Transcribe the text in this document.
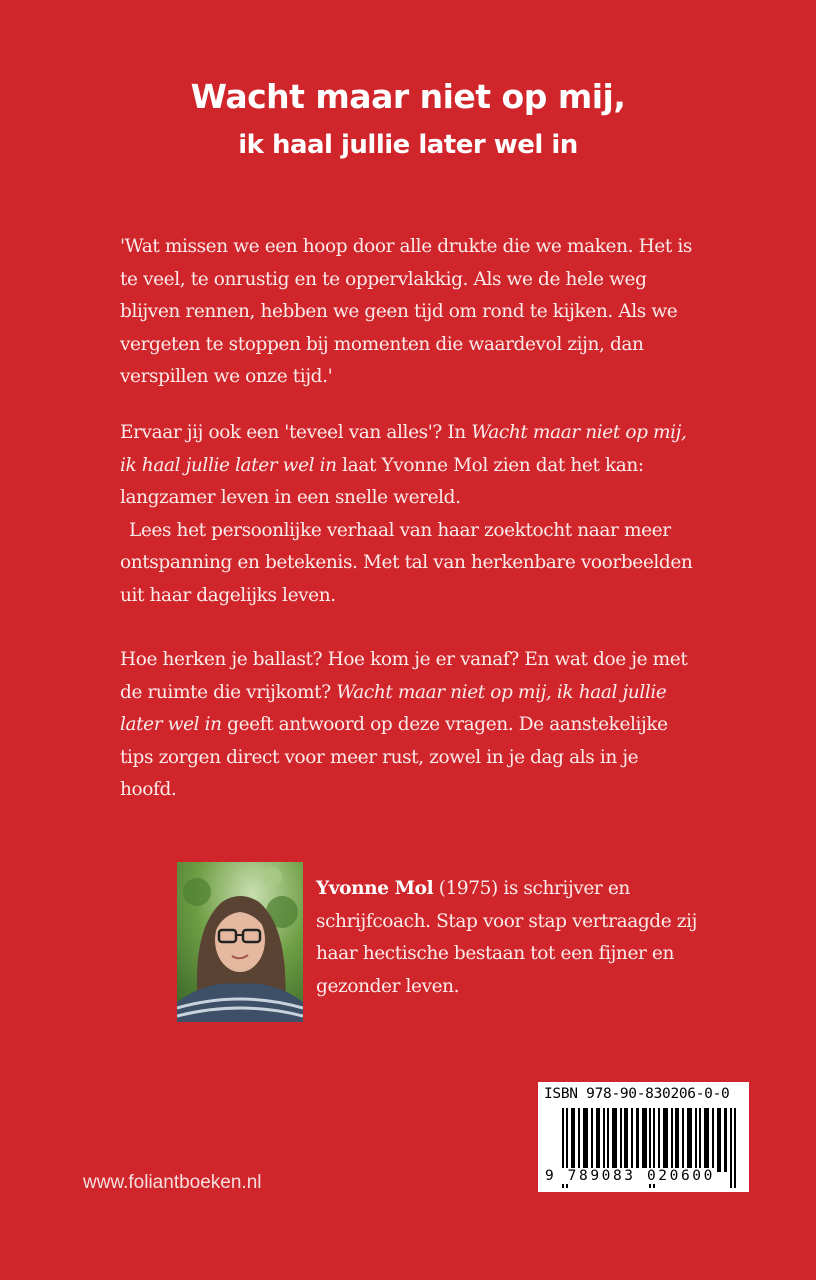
Wacht maar niet op mij,
ik haal jullie later wel in
'Wat missen we een hoop door alle drukte die we maken. Het is te veel, te onrustig en te oppervlakkig. Als we de hele weg blijven rennen, hebben we geen tijd om rond te kijken. Als we vergeten te stoppen bij momenten die waardevol zijn, dan verspillen we onze tijd.'
Ervaar jij ook een 'teveel van alles'? In Wacht maar niet op mij, ik haal jullie later wel in laat Yvonne Mol zien dat het kan: langzamer leven in een snelle wereld.
Lees het persoonlijke verhaal van haar zoektocht naar meer ontspanning en betekenis. Met tal van herkenbare voorbeelden uit haar dagelijks leven.
Hoe herken je ballast? Hoe kom je er vanaf? En wat doe je met de ruimte die vrijkomt? Wacht maar niet op mij, ik haal jullie later wel in geeft antwoord op deze vragen. De aanstekelijke tips zorgen direct voor meer rust, zowel in je dag als in je hoofd.
Yvonne Mol (1975) is schrijver en schrijfcoach. Stap voor stap vertraagde zij haar hectische bestaan tot een fijner en gezonder leven.
ISBN 978-90-830206-0-0
9 789083 020600
www.foliantboeken.nl
